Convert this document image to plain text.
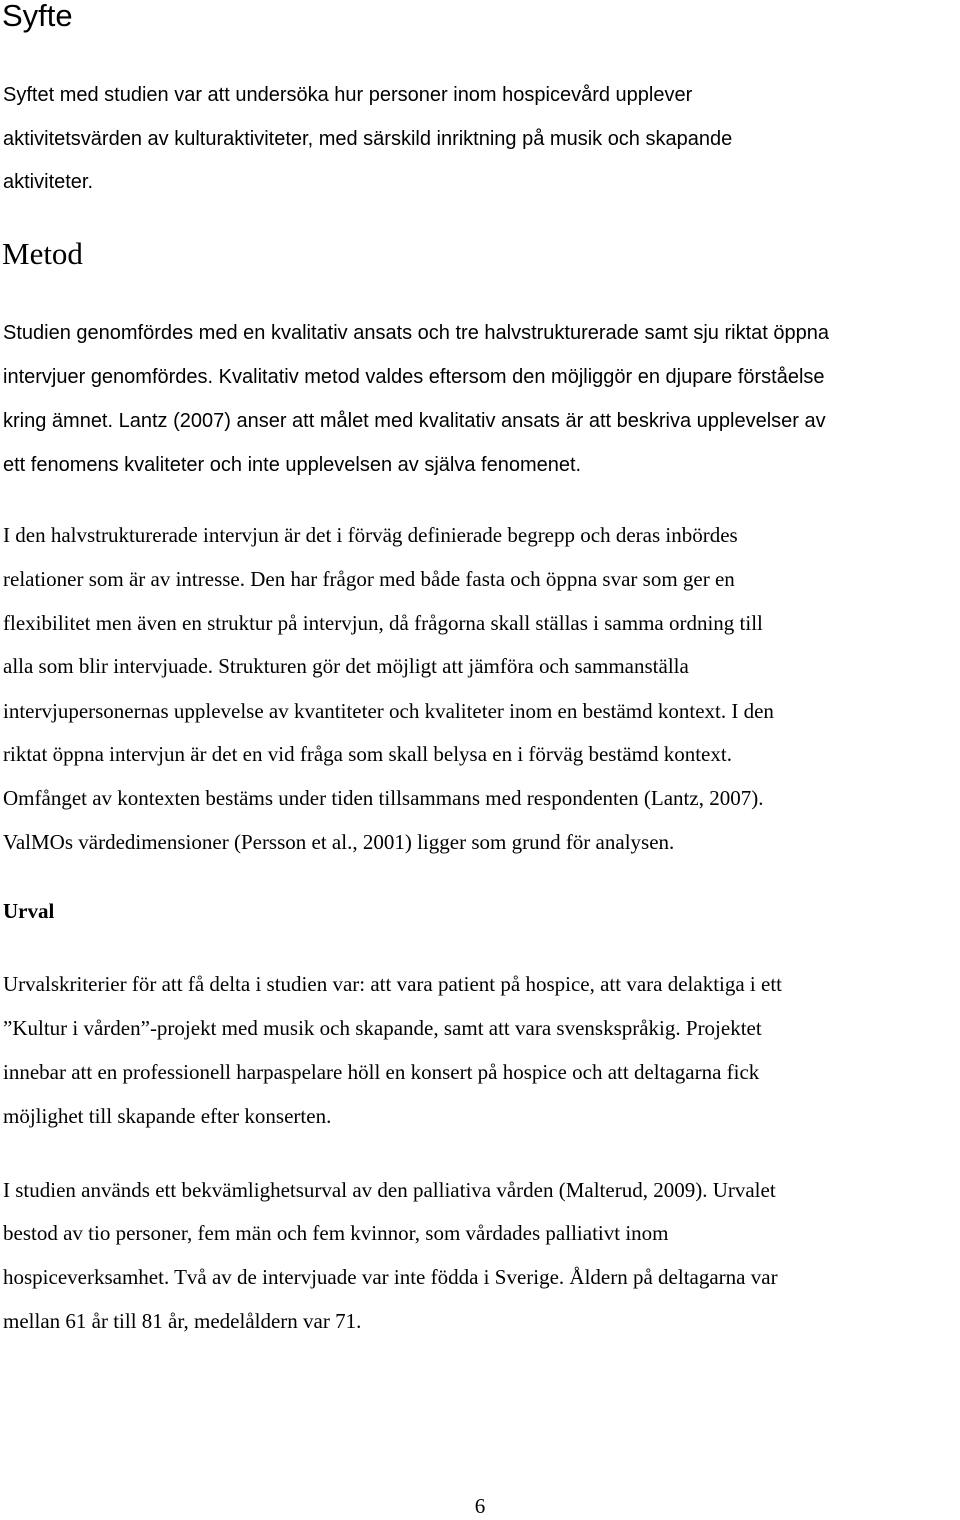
Syfte

Syftet med studien var att undersöka hur personer inom hospicevård upplever

aktivitetsvärden av kulturaktiviteter, med särskild inriktning på musik och skapande

aktiviteter.

Metod

Studien genomfördes med en kvalitativ ansats och tre halvstrukturerade samt sju riktat öppna

intervjuer genomfördes. Kvalitativ metod valdes eftersom den möjliggör en djupare förståelse

kring ämnet. Lantz (2007) anser att målet med kvalitativ ansats är att beskriva upplevelser av

ett fenomens kvaliteter och inte upplevelsen av själva fenomenet.

I den halvstrukturerade intervjun är det i förväg definierade begrepp och deras inbördes

relationer som är av intresse. Den har frågor med både fasta och öppna svar som ger en

flexibilitet men även en struktur på intervjun, då frågorna skall ställas i samma ordning till

alla som blir intervjuade. Strukturen gör det möjligt att jämföra och sammanställa

intervjupersonernas upplevelse av kvantiteter och kvaliteter inom en bestämd kontext. I den

riktat öppna intervjun är det en vid fråga som skall belysa en i förväg bestämd kontext.

Omfånget av kontexten bestäms under tiden tillsammans med respondenten (Lantz, 2007).

ValMOs värdedimensioner (Persson et al., 2001) ligger som grund för analysen.

Urval

Urvalskriterier för att få delta i studien var: att vara patient på hospice, att vara delaktiga i ett

”Kultur i vården”-projekt med musik och skapande, samt att vara svenskspråkig. Projektet

innebar att en professionell harpaspelare höll en konsert på hospice och att deltagarna fick

möjlighet till skapande efter konserten.

I studien används ett bekvämlighetsurval av den palliativa vården (Malterud, 2009). Urvalet

bestod av tio personer, fem män och fem kvinnor, som vårdades palliativt inom

hospiceverksamhet. Två av de intervjuade var inte födda i Sverige. Åldern på deltagarna var

mellan 61 år till 81 år, medelåldern var 71.

6
